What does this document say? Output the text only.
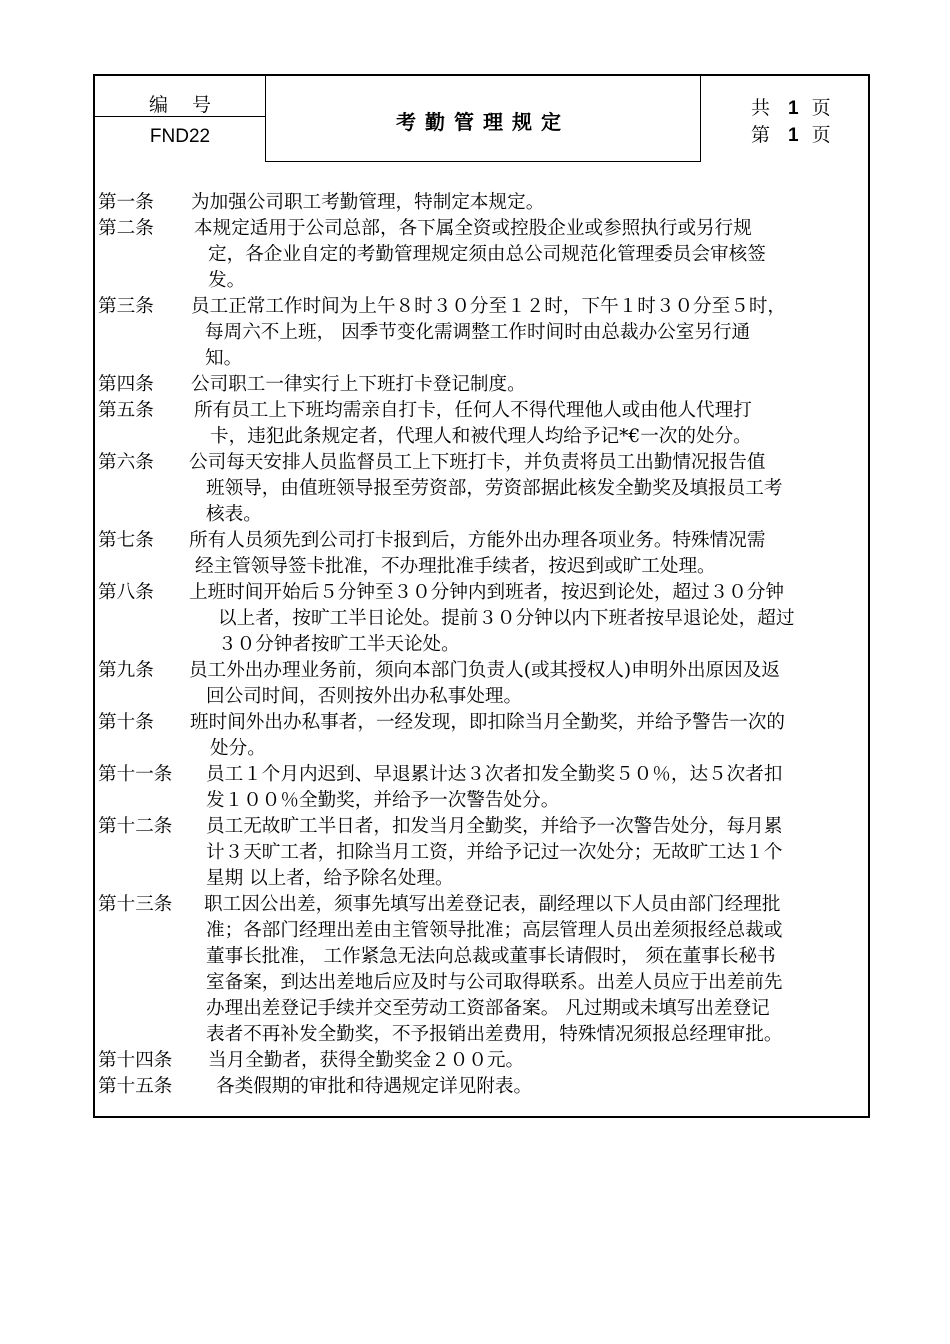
编号
FND22
考勤管理规定
共 1 页
第 1 页
第一条 为加强公司职工考勤管理，特制定本规定。
第二条 本规定适用于公司总部，各下属全资或控股企业或参照执行或另行规
定，各企业自定的考勤管理规定须由总公司规范化管理委员会审核签
发。
第三条 员工正常工作时间为上午８时３０分至１２时，下午１时３０分至５时，
每周六不上班， 因季节变化需调整工作时间时由总裁办公室另行通
知。
第四条 公司职工一律实行上下班打卡登记制度。
第五条 所有员工上下班均需亲自打卡，任何人不得代理他人或由他人代理打
卡，违犯此条规定者，代理人和被代理人均给予记*€一次的处分。
第六条 公司每天安排人员监督员工上下班打卡，并负责将员工出勤情况报告值
班领导，由值班领导报至劳资部，劳资部据此核发全勤奖及填报员工考
核表。
第七条 所有人员须先到公司打卡报到后，方能外出办理各项业务。特殊情况需
经主管领导签卡批准，不办理批准手续者，按迟到或旷工处理。
第八条 上班时间开始后５分钟至３０分钟内到班者，按迟到论处，超过３０分钟
以上者，按旷工半日论处。提前３０分钟以内下班者按早退论处，超过
３０分钟者按旷工半天论处。
第九条 员工外出办理业务前，须向本部门负责人(或其授权人)申明外出原因及返
回公司时间，否则按外出办私事处理。
第十条 班时间外出办私事者，一经发现，即扣除当月全勤奖，并给予警告一次的
处分。
第十一条 员工１个月内迟到、早退累计达３次者扣发全勤奖５０％，达５次者扣
发１００％全勤奖，并给予一次警告处分。
第十二条 员工无故旷工半日者，扣发当月全勤奖，并给予一次警告处分，每月累
计３天旷工者，扣除当月工资，并给予记过一次处分；无故旷工达１个
星期 以上者，给予除名处理。
第十三条 职工因公出差，须事先填写出差登记表，副经理以下人员由部门经理批
准；各部门经理出差由主管领导批准；高层管理人员出差须报经总裁或
董事长批准， 工作紧急无法向总裁或董事长请假时， 须在董事长秘书
室备案，到达出差地后应及时与公司取得联系。出差人员应于出差前先
办理出差登记手续并交至劳动工资部备案。 凡过期或未填写出差登记
表者不再补发全勤奖，不予报销出差费用，特殊情况须报总经理审批。
第十四条 当月全勤者，获得全勤奖金２００元。
第十五条 各类假期的审批和待遇规定详见附表。
